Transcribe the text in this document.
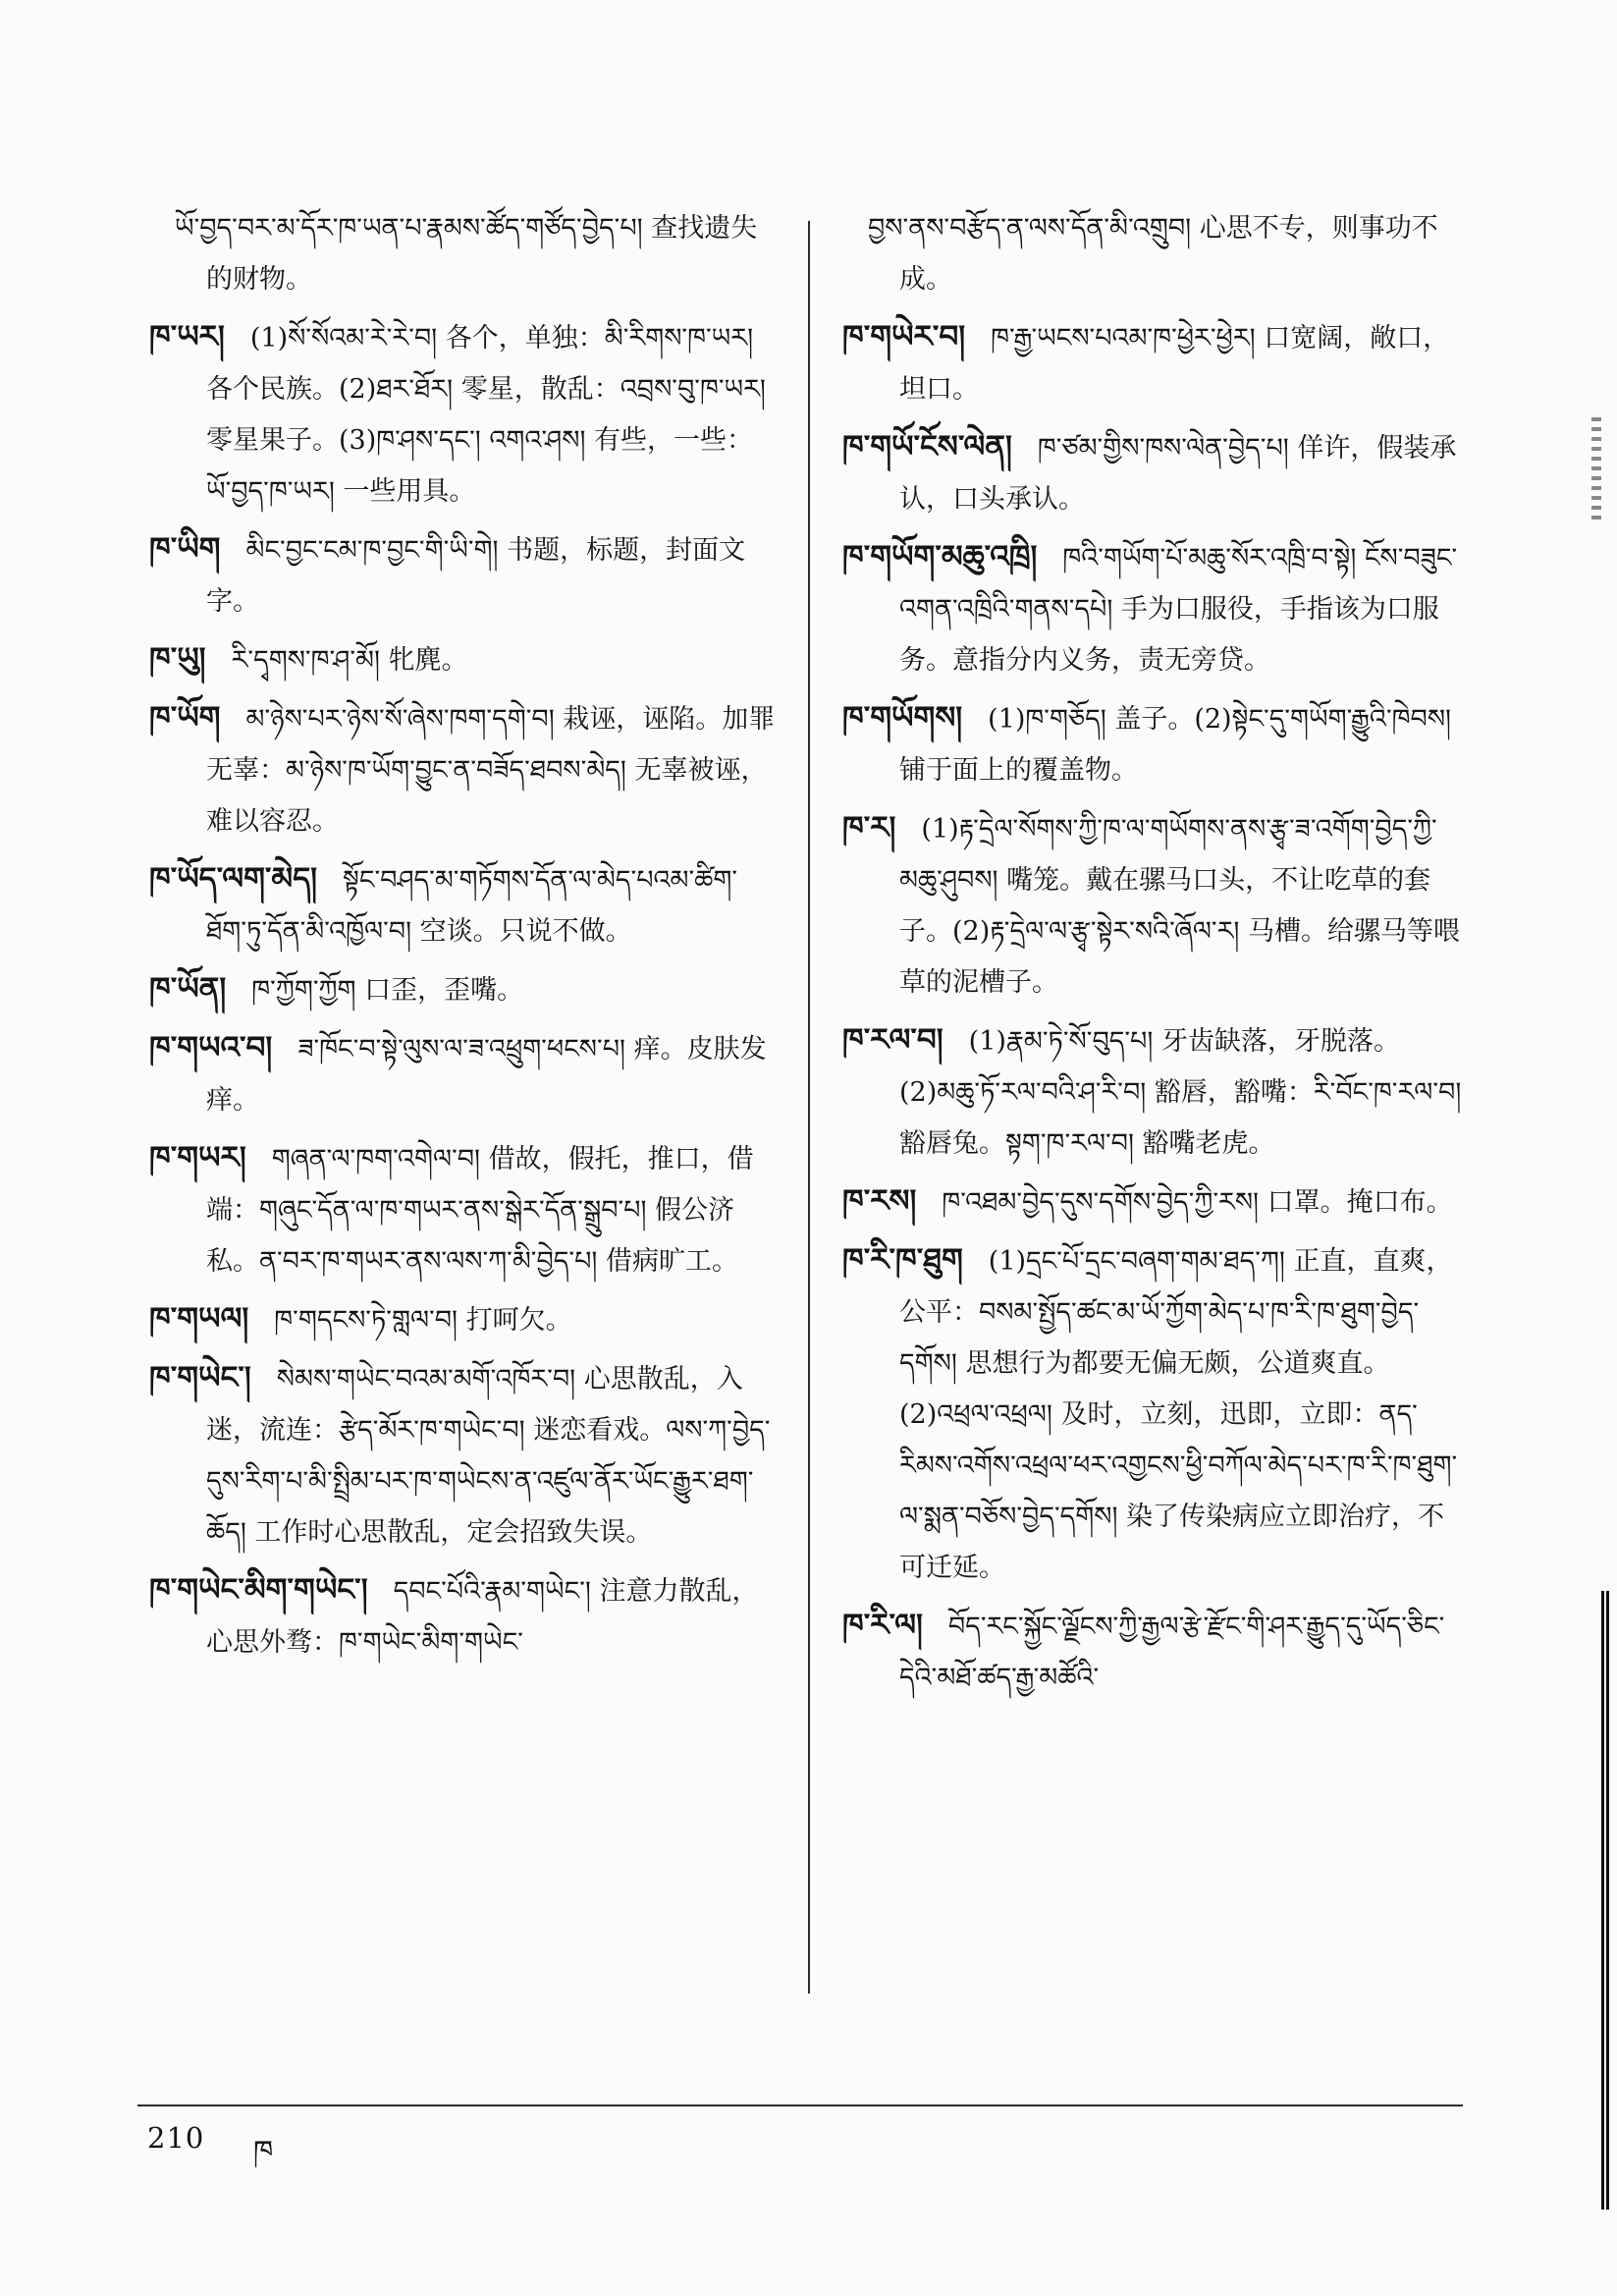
ཡོ་བྱད་བར་མ་དོར་ཁ་ཡན་པ་རྣམས་ཚོད་གཙོད་བྱེད་པ། 查找遗失的财物。

ཁ་ཡར། (1)སོ་སོའམ་རེ་རེ་བ། 各个，单独：མི་རིགས་ཁ་ཡར། 各个民族。(2)ཐར་ཐོར། 零星，散乱：འབྲས་བུ་ཁ་ཡར། 零星果子。(3)ཁ་ཤས་དང་། འགའ་ཤས། 有些，一些：ཡོ་བྱད་ཁ་ཡར། 一些用具。

ཁ་ཡིག མིང་བྱང་ངམ་ཁ་བྱང་གི་ཡི་གེ། 书题，标题，封面文字。

ཁ་ཡུ། རི་དྭགས་ཁ་ཤ་མོ། 牝麂。

ཁ་ཡོག མ་ཉེས་པར་ཉེས་སོ་ཞེས་ཁག་དགེ་བ། 栽诬，诬陷。加罪无辜：མ་ཉེས་ཁ་ཡོག་བྱུང་ན་བཟོད་ཐབས་མེད། 无辜被诬，难以容忍。

ཁ་ཡོད་ལག་མེད། སྟོང་བཤད་མ་གཏོགས་དོན་ལ་མེད་པའམ་ཚིག་ཐོག་ཏུ་དོན་མི་འཁྱོལ་བ། 空谈。只说不做。

ཁ་ཡོན། ཁ་ཀྱོག་ཀྱོག 口歪，歪嘴。

ཁ་གཡའ་བ། ཟ་ཁོང་བ་སྟེ་ལུས་ལ་ཟ་འཕྲུག་ཕངས་པ། 痒。皮肤发痒。

ཁ་གཡར། གཞན་ལ་ཁག་འགེལ་བ། 借故，假托，推口，借端：གཞུང་དོན་ལ་ཁ་གཡར་ནས་སྒེར་དོན་སྒྲུབ་པ། 假公济私。ན་བར་ཁ་གཡར་ནས་ལས་ཀ་མི་བྱེད་པ། 借病旷工。

ཁ་གཡལ། ཁ་གདངས་ཏེ་གླལ་བ། 打呵欠。

ཁ་གཡེང་། སེམས་གཡེང་བའམ་མགོ་འཁོར་བ། 心思散乱，入迷，流连：རྩེད་མོར་ཁ་གཡེང་བ། 迷恋看戏。ལས་ཀ་བྱེད་དུས་རིག་པ་མི་སྤྲིམ་པར་ཁ་གཡེངས་ན་འཛུལ་ནོར་ཡོང་རྒྱུར་ཐག་ཆོད། 工作时心思散乱，定会招致失误。

ཁ་གཡེང་མིག་གཡེང་། དབང་པོའི་རྣམ་གཡེང་། 注意力散乱，心思外骛：ཁ་གཡེང་མིག་གཡེང་

བྱས་ནས་བརྩོད་ན་ལས་དོན་མི་འགྲུབ། 心思不专，则事功不成。

ཁ་གཡེར་བ། ཁ་རྒྱ་ཡངས་པའམ་ཁ་ཕྱེར་ཕྱེར། 口宽阔，敞口，坦口。

ཁ་གཡོ་ངོས་ལེན། ཁ་ཙམ་གྱིས་ཁས་ལེན་བྱེད་པ། 佯许，假装承认，口头承认。

ཁ་གཡོག་མཆུ་འཁྲི། ཁའི་གཡོག་པོ་མཆུ་སོར་འཁྲི་བ་སྟེ། ངོས་བཟུང་འགན་འཁྲིའི་གནས་དཔེ། 手为口服役，手指该为口服务。意指分内义务，责无旁贷。

ཁ་གཡོགས། (1)ཁ་གཅོད། 盖子。(2)སྟེང་དུ་གཡོག་རྒྱུའི་ཁེབས། 铺于面上的覆盖物。

ཁ་ར། (1)རྟ་དྲེལ་སོགས་ཀྱི་ཁ་ལ་གཡོགས་ནས་རྩྭ་ཟ་འགོག་བྱེད་ཀྱི་མཆུ་ཤུབས། 嘴笼。戴在骡马口头，不让吃草的套子。(2)རྟ་དྲེལ་ལ་རྩྭ་སྟེར་སའི་ཞོལ་ར། 马槽。给骡马等喂草的泥槽子。

ཁ་རལ་བ། (1)རྣམ་ཏེ་སོ་བུད་པ། 牙齿缺落，牙脱落。(2)མཆུ་ཏོ་རལ་བའི་ཤ་རི་བ། 豁唇，豁嘴：རི་བོང་ཁ་རལ་བ། 豁唇兔。སྟག་ཁ་རལ་བ། 豁嘴老虎。

ཁ་རས། ཁ་འཐམ་བྱེད་དུས་དགོས་བྱེད་ཀྱི་རས། 口罩。掩口布。

ཁ་རི་ཁ་ཐུག (1)དྲང་པོ་དྲང་བཞག་གམ་ཐད་ཀ། 正直，直爽，公平：བསམ་སྤྱོད་ཚང་མ་ཡོ་ཀྱོག་མེད་པ་ཁ་རི་ཁ་ཐུག་བྱེད་དགོས། 思想行为都要无偏无颇，公道爽直。(2)འཕྲལ་འཕྲལ། 及时，立刻，迅即，立即：ནད་རིམས་འགོས་འཕྲལ་ཕར་འགྱངས་ཕྱི་བཀོལ་མེད་པར་ཁ་རི་ཁ་ཐུག་ལ་སྨན་བཅོས་བྱེད་དགོས། 染了传染病应立即治疗，不可迁延。

ཁ་རི་ལ། བོད་རང་སྐྱོང་ལྗོངས་ཀྱི་རྒྱལ་རྩེ་རྫོང་གི་ཤར་རྒྱུད་དུ་ཡོད་ཅིང་དེའི་མཐོ་ཚད་རྒྱ་མཚོའི་

210 ཁ
